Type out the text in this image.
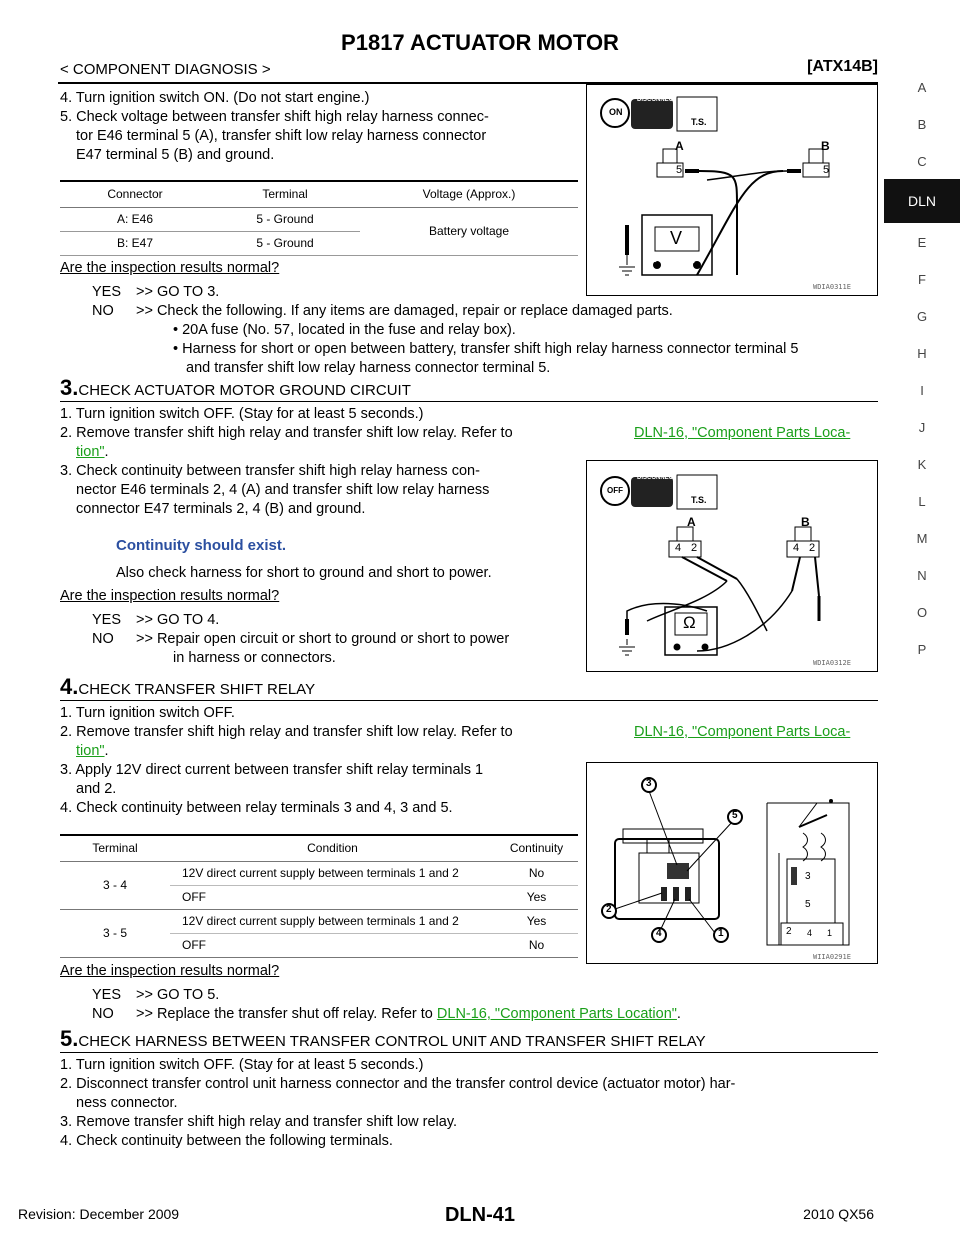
P1817 ACTUATOR MOTOR
< COMPONENT DIAGNOSIS >	[ATX14B]
A
B
C
DLN
E
F
G
H
I
J
K
L
M
N
O
P
4. Turn ignition switch ON. (Do not start engine.)
5. Check voltage between transfer shift high relay harness connec-
tor E46 terminal 5 (A), transfer shift low relay harness connector
E47 terminal 5 (B) and ground.
Connector	Terminal	Voltage (Approx.)
A: E46	5 - Ground	Battery voltage
B: E47	5 - Ground	
Are the inspection results normal?
YES >> GO TO 3.
NO >> Check the following. If any items are damaged, repair or replace damaged parts.
• 20A fuse (No. 57, located in the fuse and relay box).
• Harness for short or open between battery, transfer shift high relay harness connector terminal 5
and transfer shift low relay harness connector terminal 5.
DISCONNECT
ON
T.S.
A	B
5	5
V
−	+
WDIA0311E
3.CHECK ACTUATOR MOTOR GROUND CIRCUIT
1. Turn ignition switch OFF. (Stay for at least 5 seconds.)
2. Remove transfer shift high relay and transfer shift low relay. Refer to	DLN-16, "Component Parts Loca-
tion".
3. Check continuity between transfer shift high relay harness con-
nector E46 terminals 2, 4 (A) and transfer shift low relay harness
connector E47 terminals 2, 4 (B) and ground.
Continuity should exist.
Also check harness for short to ground and short to power.
Are the inspection results normal?
YES >> GO TO 4.
NO >> Repair open circuit or short to ground or short to power
in harness or connectors.
DISCONNECT
OFF
T.S.
A	B
4 2	4 2
Ω
WDIA0312E
4.CHECK TRANSFER SHIFT RELAY
1. Turn ignition switch OFF.
2. Remove transfer shift high relay and transfer shift low relay. Refer to	DLN-16, "Component Parts Loca-
tion".
3. Apply 12V direct current between transfer shift relay terminals 1
and 2.
4. Check continuity between relay terminals 3 and 4, 3 and 5.
Terminal	Condition	Continuity
3 - 4	12V direct current supply between terminals 1 and 2	No
	OFF	Yes
3 - 5	12V direct current supply between terminals 1 and 2	Yes
	OFF	No
Are the inspection results normal?
YES >> GO TO 5.
NO >> Replace the transfer shut off relay. Refer to DLN-16, "Component Parts Location".
3
5
2
4	1
3
5
2 4 1
WIIA0291E
5.CHECK HARNESS BETWEEN TRANSFER CONTROL UNIT AND TRANSFER SHIFT RELAY
1. Turn ignition switch OFF. (Stay for at least 5 seconds.)
2. Disconnect transfer control unit harness connector and the transfer control device (actuator motor) har-
ness connector.
3. Remove transfer shift high relay and transfer shift low relay.
4. Check continuity between the following terminals.
Revision: December 2009	DLN-41	2010 QX56
